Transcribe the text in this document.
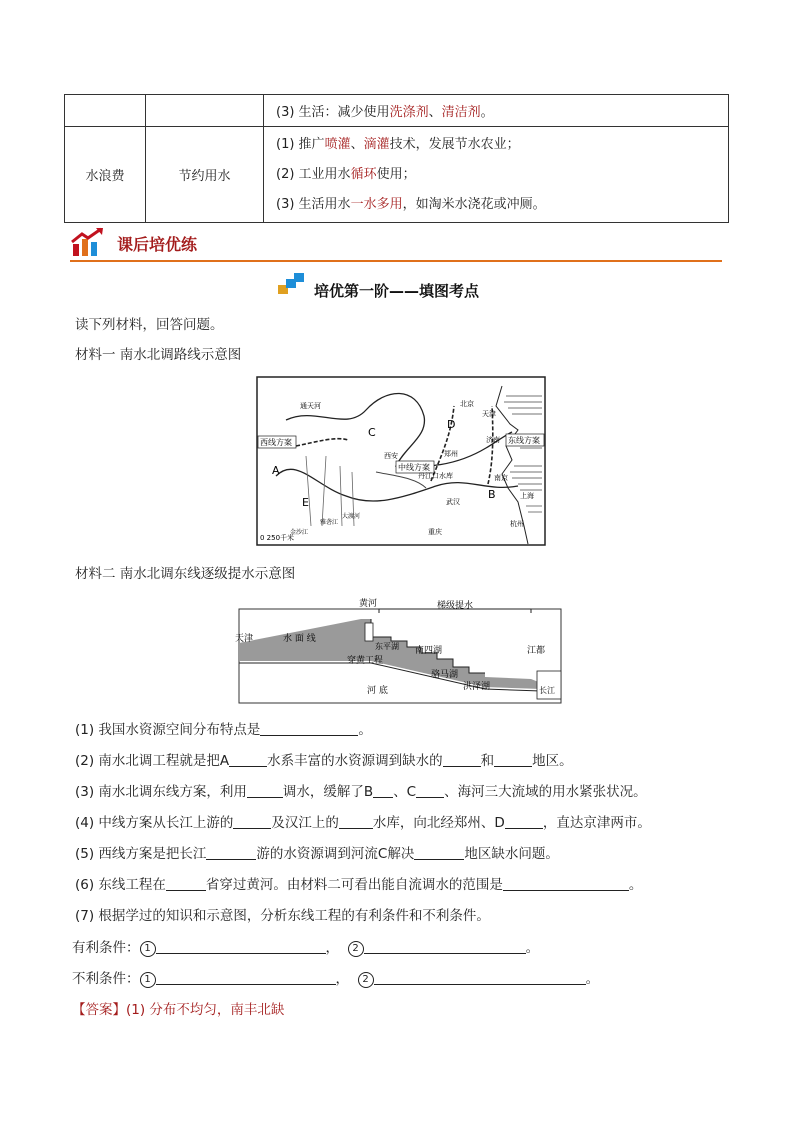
		(3) 生活：减少使用洗涤剂、清洁剂。
水浪费	节约用水	(1) 推广喷灌、滴灌技术，发展节水农业；
(2) 工业用水循环使用；
(3) 生活用水一水多用，如淘米水浇花或冲厕。
课后培优练
培优第一阶——填图考点
读下列材料，回答问题。
材料一 南水北调路线示意图
西线方案
中线方案
东线方案
C
D
A
B
E
北京
天津
西安	郑州
丹江口水库
武汉
南京
杭州
重庆
济南
上海
通天河
大渡河
雅砻江
金沙江
0 250千米
材料二 南水北调东线逐级提水示意图
天津	水 面 线
黄河	梯级提水
东平湖 南四湖
穿黄工程
骆马湖
洪泽湖
江都
长江
河 底
(1) 我国水资源空间分布特点是	。
(2) 南水北调工程就是把A	水系丰富的水资源调到缺水的	和	地区。
(3) 南水北调东线方案，利用	调水，缓解了B 、C 、海河三大流域的用水紧张状况。
(4) 中线方案从长江上游的	及汉江上的	水库，向北经郑州、D	，直达京津两市。
(5) 西线方案是把长江	游的水资源调到河流C解决	地区缺水问题。
(6) 东线工程在	省穿过黄河。由材料二可看出能自流调水的范围是	。
(7) 根据学过的知识和示意图，分析东线工程的有利条件和不利条件。
有利条件： 1	， 2	。
不利条件： 1	， 2	。
【答案】(1) 分布不均匀，南丰北缺
